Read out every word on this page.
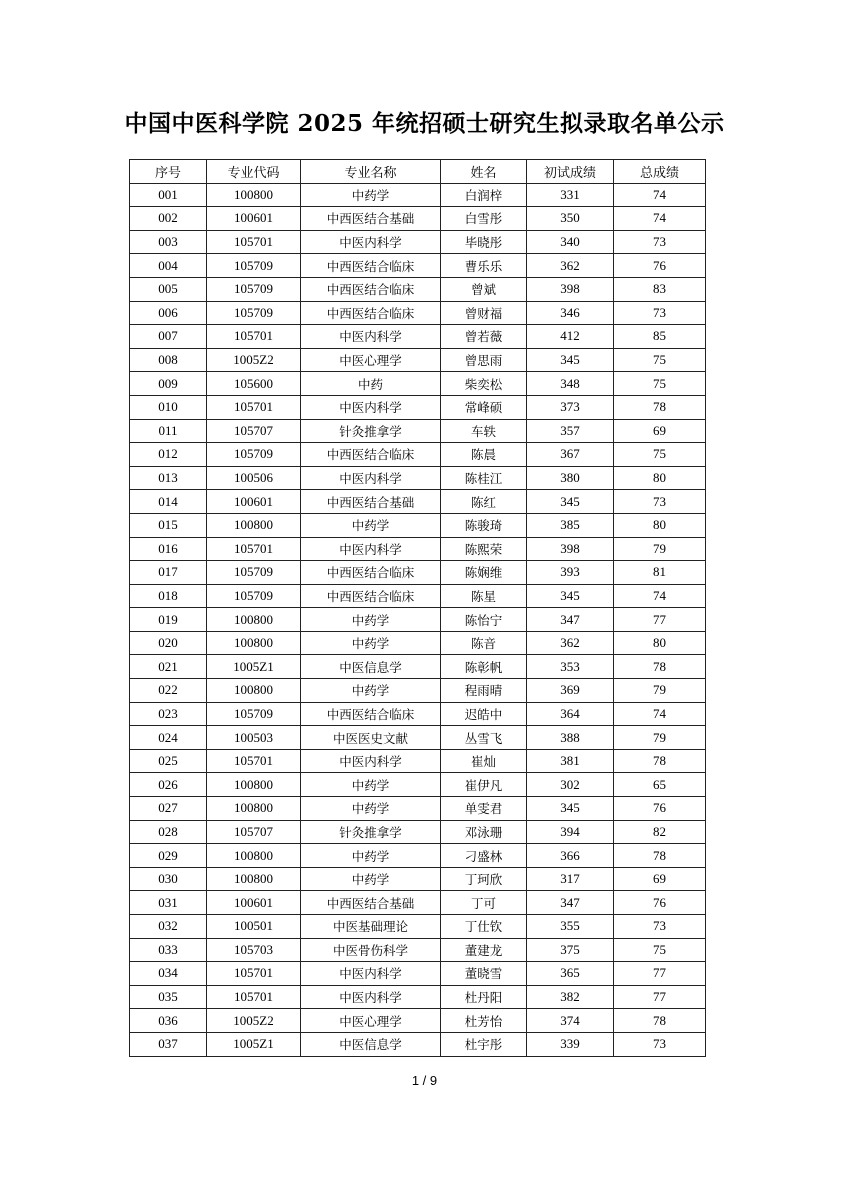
中国中医科学院 2025 年统招硕士研究生拟录取名单公示
序号	专业代码	专业名称	姓名	初试成绩	总成绩
001	100800	中药学	白润梓	331	74
002	100601	中西医结合基础	白雪彤	350	74
003	105701	中医内科学	毕晓彤	340	73
004	105709	中西医结合临床	曹乐乐	362	76
005	105709	中西医结合临床	曾斌	398	83
006	105709	中西医结合临床	曾财福	346	73
007	105701	中医内科学	曾若薇	412	85
008	1005Z2	中医心理学	曾思雨	345	75
009	105600	中药	柴奕松	348	75
010	105701	中医内科学	常峰硕	373	78
011	105707	针灸推拿学	车轶	357	69
012	105709	中西医结合临床	陈晨	367	75
013	100506	中医内科学	陈桂江	380	80
014	100601	中西医结合基础	陈红	345	73
015	100800	中药学	陈骏琦	385	80
016	105701	中医内科学	陈熙荣	398	79
017	105709	中西医结合临床	陈娴维	393	81
018	105709	中西医结合临床	陈星	345	74
019	100800	中药学	陈怡宁	347	77
020	100800	中药学	陈音	362	80
021	1005Z1	中医信息学	陈彰帆	353	78
022	100800	中药学	程雨晴	369	79
023	105709	中西医结合临床	迟皓中	364	74
024	100503	中医医史文献	丛雪飞	388	79
025	105701	中医内科学	崔灿	381	78
026	100800	中药学	崔伊凡	302	65
027	100800	中药学	单雯君	345	76
028	105707	针灸推拿学	邓泳珊	394	82
029	100800	中药学	刁盛林	366	78
030	100800	中药学	丁珂欣	317	69
031	100601	中西医结合基础	丁可	347	76
032	100501	中医基础理论	丁仕钦	355	73
033	105703	中医骨伤科学	董建龙	375	75
034	105701	中医内科学	董晓雪	365	77
035	105701	中医内科学	杜丹阳	382	77
036	1005Z2	中医心理学	杜芳怡	374	78
037	1005Z1	中医信息学	杜宇彤	339	73
1 / 9
